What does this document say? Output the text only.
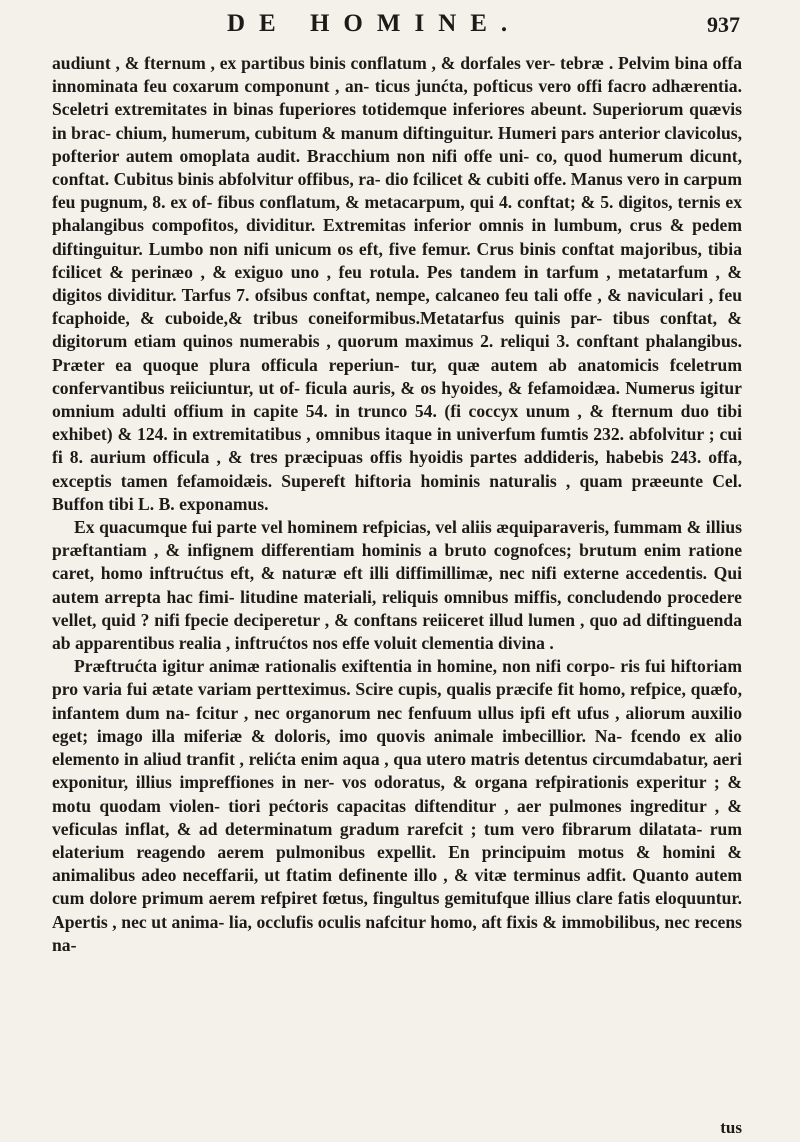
DE HOMINE.	937

audiunt , & fternum , ex partibus binis conflatum , & dorfales ver- tebræ . Pelvim bina offa innominata feu coxarum componunt , an- ticus junćta, pofticus vero offi facro adhærentia. Sceletri extremitates in binas fuperiores totidemque inferiores abeunt. Superiorum quævis in brac- chium, humerum, cubitum & manum diftinguitur. Humeri pars anterior clavicolus, pofterior autem omoplata audit. Bracchium non nifi offe uni- co, quod humerum dicunt, conftat. Cubitus binis abfolvitur offibus, ra- dio fcilicet & cubiti offe. Manus vero in carpum feu pugnum, 8. ex of- fibus conflatum, & metacarpum, qui 4. conftat; & 5. digitos, ternis ex phalangibus compofitos, dividitur. Extremitas inferior omnis in lumbum, crus & pedem diftinguitur. Lumbo non nifi unicum os eft, five femur. Crus binis conftat majoribus, tibia fcilicet & perinæo , & exiguo uno , feu rotula. Pes tandem in tarfum , metatarfum , & digitos dividitur. Tarfus 7. ofsibus conftat, nempe, calcaneo feu tali offe , & naviculari , feu fcaphoide, & cuboide,& tribus coneiformibus.Metatarfus quinis par- tibus conftat, & digitorum etiam quinos numerabis , quorum maximus 2. reliqui 3. conftant phalangibus. Præter ea quoque plura officula reperiun- tur, quæ autem ab anatomicis fceletrum confervantibus reiiciuntur, ut of- ficula auris, & os hyoides, & fefamoidæa. Numerus igitur omnium adulti offium in capite 54. in trunco 54. (fi coccyx unum , & fternum duo tibi exhibet) & 124. in extremitatibus , omnibus itaque in univerfum fumtis 232. abfolvitur ; cui fi 8. aurium officula , & tres præcipuas offis hyoidis partes addideris, habebis 243. offa, exceptis tamen fefamoidæis. Supereft hiftoria hominis naturalis , quam præeunte Cel. Buffon tibi L. B. exponamus.

Ex quacumque fui parte vel hominem refpicias, vel aliis æquiparaveris, fummam & illius præftantiam , & infignem differentiam hominis a bruto cognofces; brutum enim ratione caret, homo inftrućtus eft, & naturæ eft illi diffimillimæ, nec nifi externe accedentis. Qui autem arrepta hac fimi- litudine materiali, reliquis omnibus miffis, concludendo procedere vellet, quid ? nifi fpecie deciperetur , & conftans reiiceret illud lumen , quo ad diftinguenda ab apparentibus realia , inftrućtos nos effe voluit clementia divina .

Præftrućta igitur animæ rationalis exiftentia in homine, non nifi corpo- ris fui hiftoriam pro varia fui ætate variam pertteximus. Scire cupis, qualis præcife fit homo, refpice, quæfo, infantem dum na- fcitur , nec organorum nec fenfuum ullus ipfi eft ufus , aliorum auxilio eget; imago illa miferiæ & doloris, imo quovis animale imbecillior. Na- fcendo ex alio elemento in aliud tranfit , relićta enim aqua , qua utero matris detentus circumdabatur, aeri exponitur, illius impreffiones in ner- vos odoratus, & organa refpirationis experitur ; & motu quodam violen- tiori pećtoris capacitas diftenditur , aer pulmones ingreditur , & veficulas inflat, & ad determinatum gradum rarefcit ; tum vero fibrarum dilatata- rum elaterium reagendo aerem pulmonibus expellit. En principuim motus & homini & animalibus adeo neceffarii, ut ftatim definente illo , & vitæ terminus adfit. Quanto autem cum dolore primum aerem refpiret fœtus, fingultus gemitufque illius clare fatis eloquuntur. Apertis , nec ut anima- lia, occlufis oculis nafcitur homo, aft fixis & immobilibus, nec recens na-

tus
